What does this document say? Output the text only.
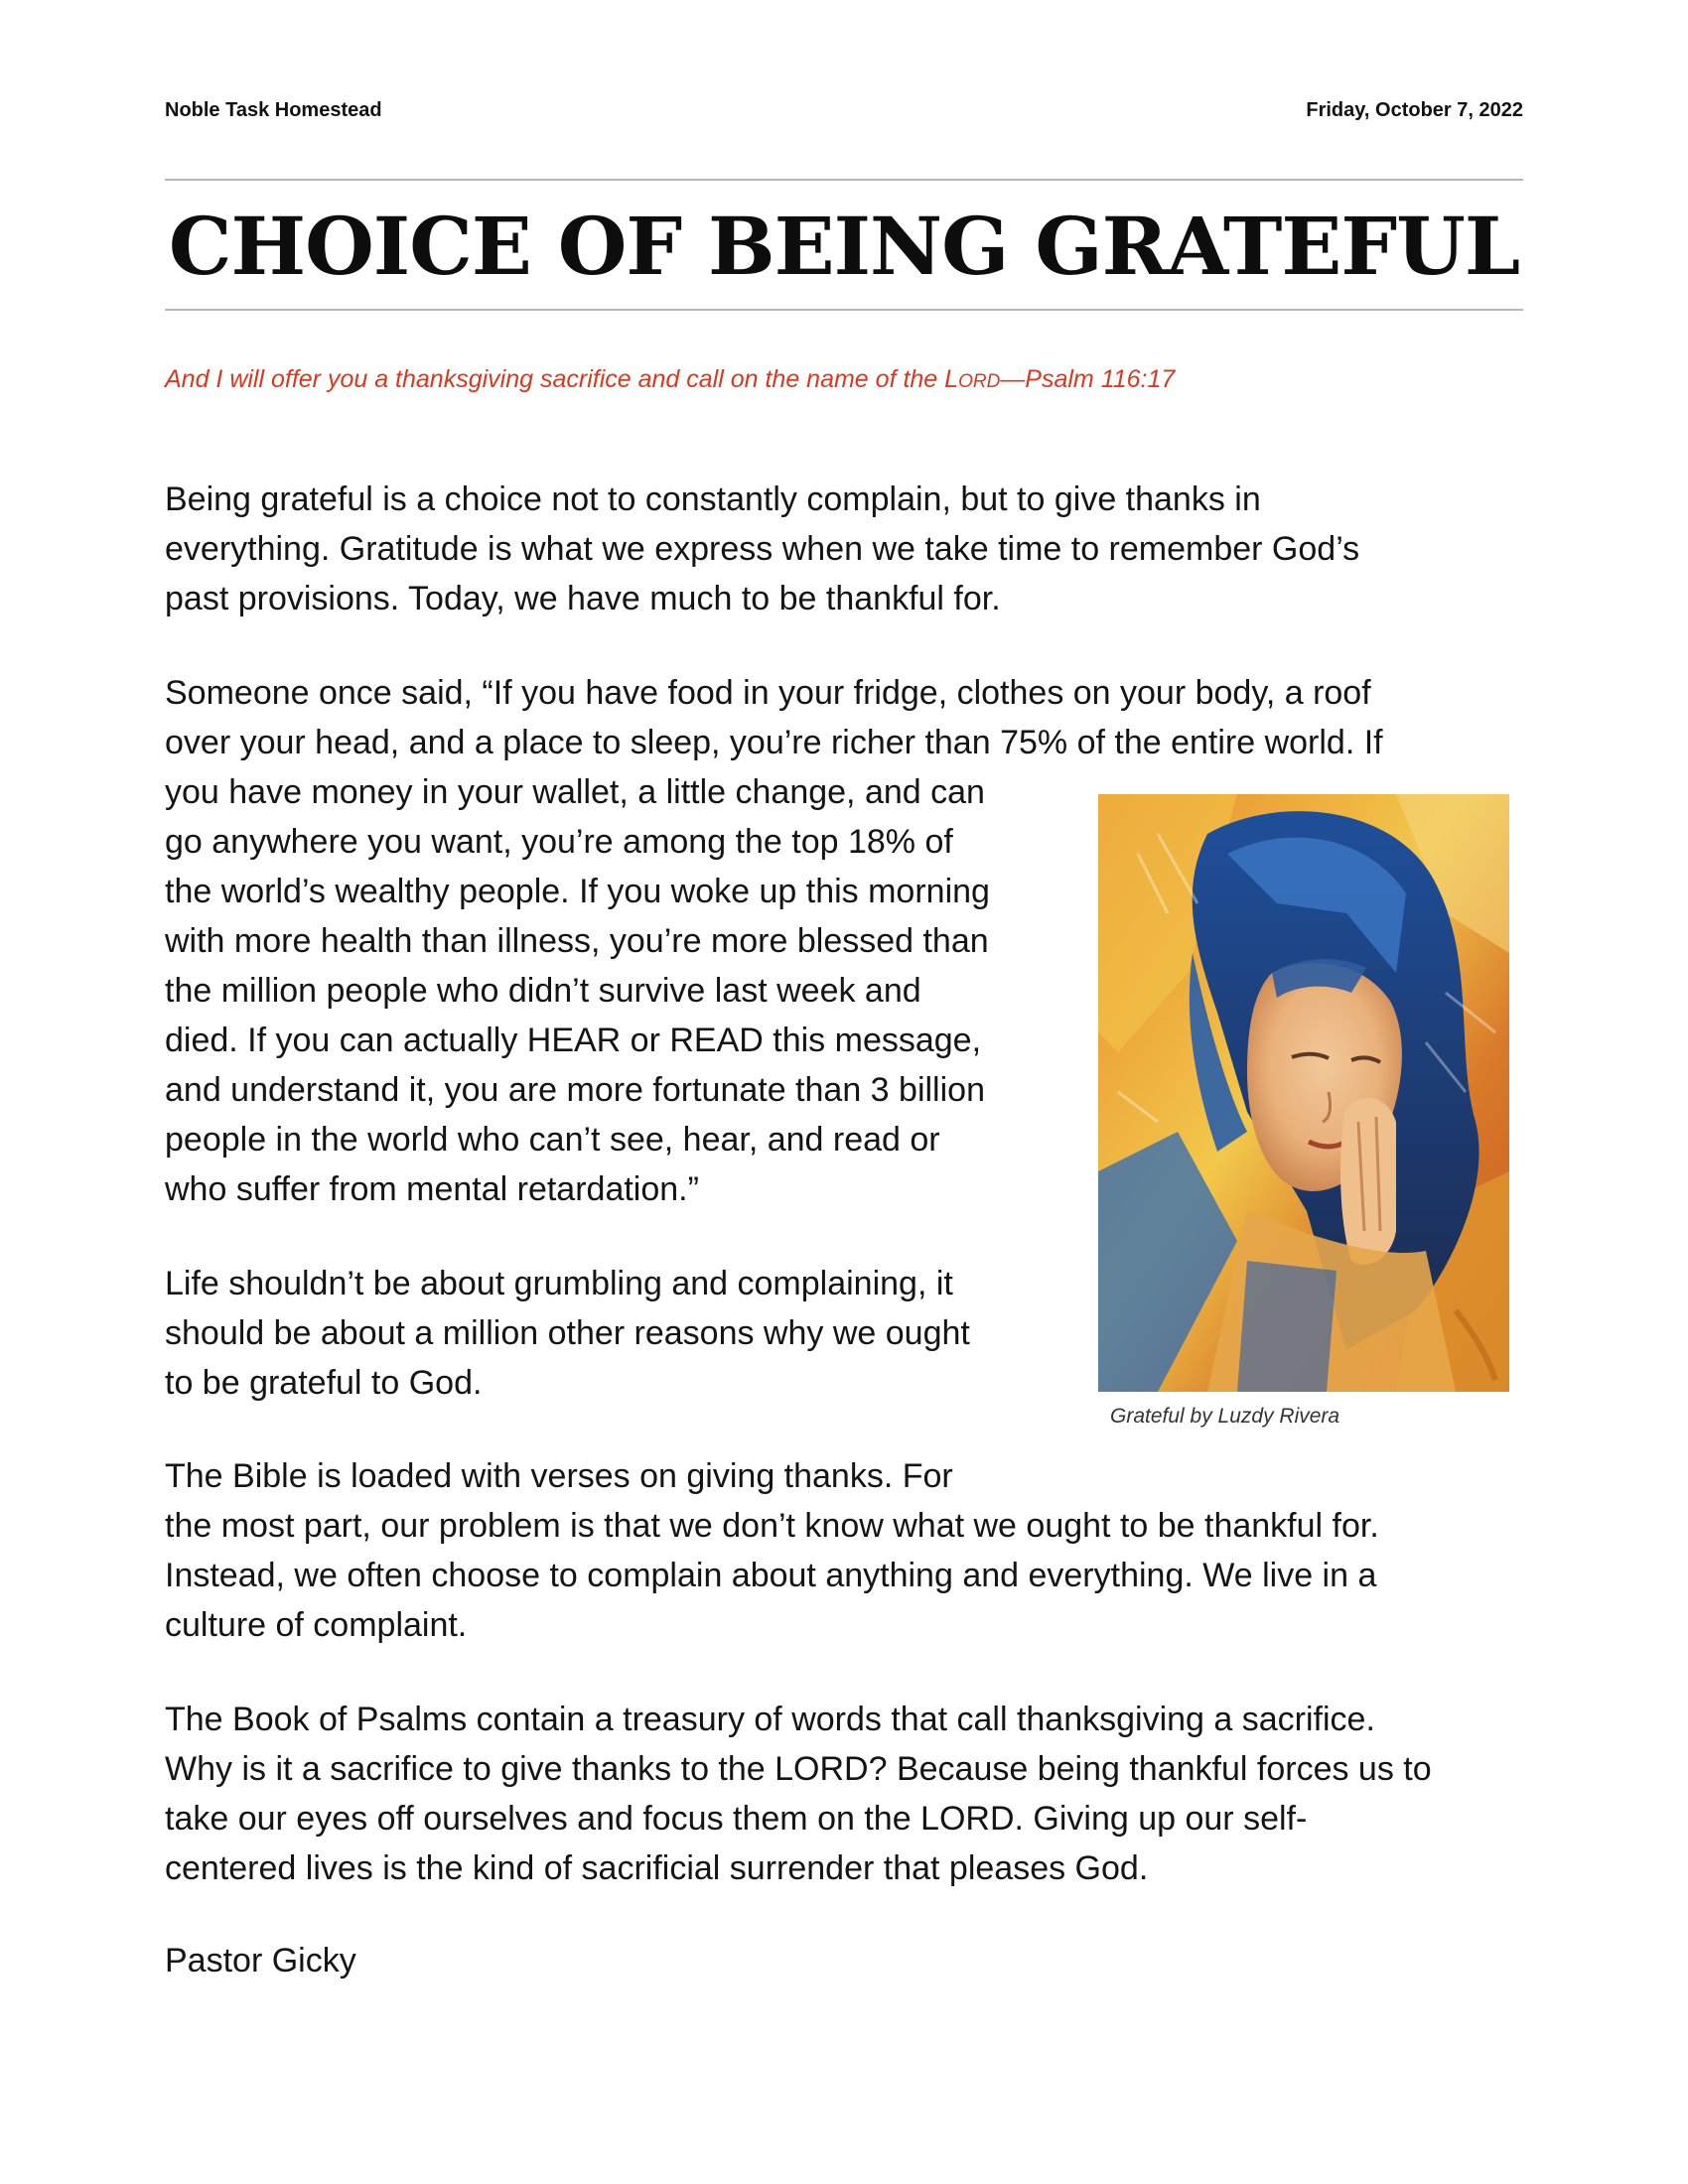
Noble Task Homestead	Friday, October 7, 2022
CHOICE OF BEING GRATEFUL
And I will offer you a thanksgiving sacrifice and call on the name of the LORD—Psalm 116:17
Being grateful is a choice not to constantly complain, but to give thanks in
everything. Gratitude is what we express when we take time to remember God’s
past provisions. Today, we have much to be thankful for.
Someone once said, “If you have food in your fridge, clothes on your body, a roof
over your head, and a place to sleep, you’re richer than 75% of the entire world. If
you have money in your wallet, a little change, and can
go anywhere you want, you’re among the top 18% of
the world’s wealthy people. If you woke up this morning
with more health than illness, you’re more blessed than
the million people who didn’t survive last week and
died. If you can actually HEAR or READ this message,
and understand it, you are more fortunate than 3 billion
people in the world who can’t see, hear, and read or
who suffer from mental retardation.”
Life shouldn’t be about grumbling and complaining, it
should be about a million other reasons why we ought
to be grateful to God.
The Bible is loaded with verses on giving thanks. For
the most part, our problem is that we don’t know what we ought to be thankful for.
Instead, we often choose to complain about anything and everything. We live in a
culture of complaint.
The Book of Psalms contain a treasury of words that call thanksgiving a sacrifice.
Why is it a sacrifice to give thanks to the LORD? Because being thankful forces us to
take our eyes off ourselves and focus them on the LORD. Giving up our self-
centered lives is the kind of sacrificial surrender that pleases God.
Pastor Gicky
Grateful by Luzdy Rivera
